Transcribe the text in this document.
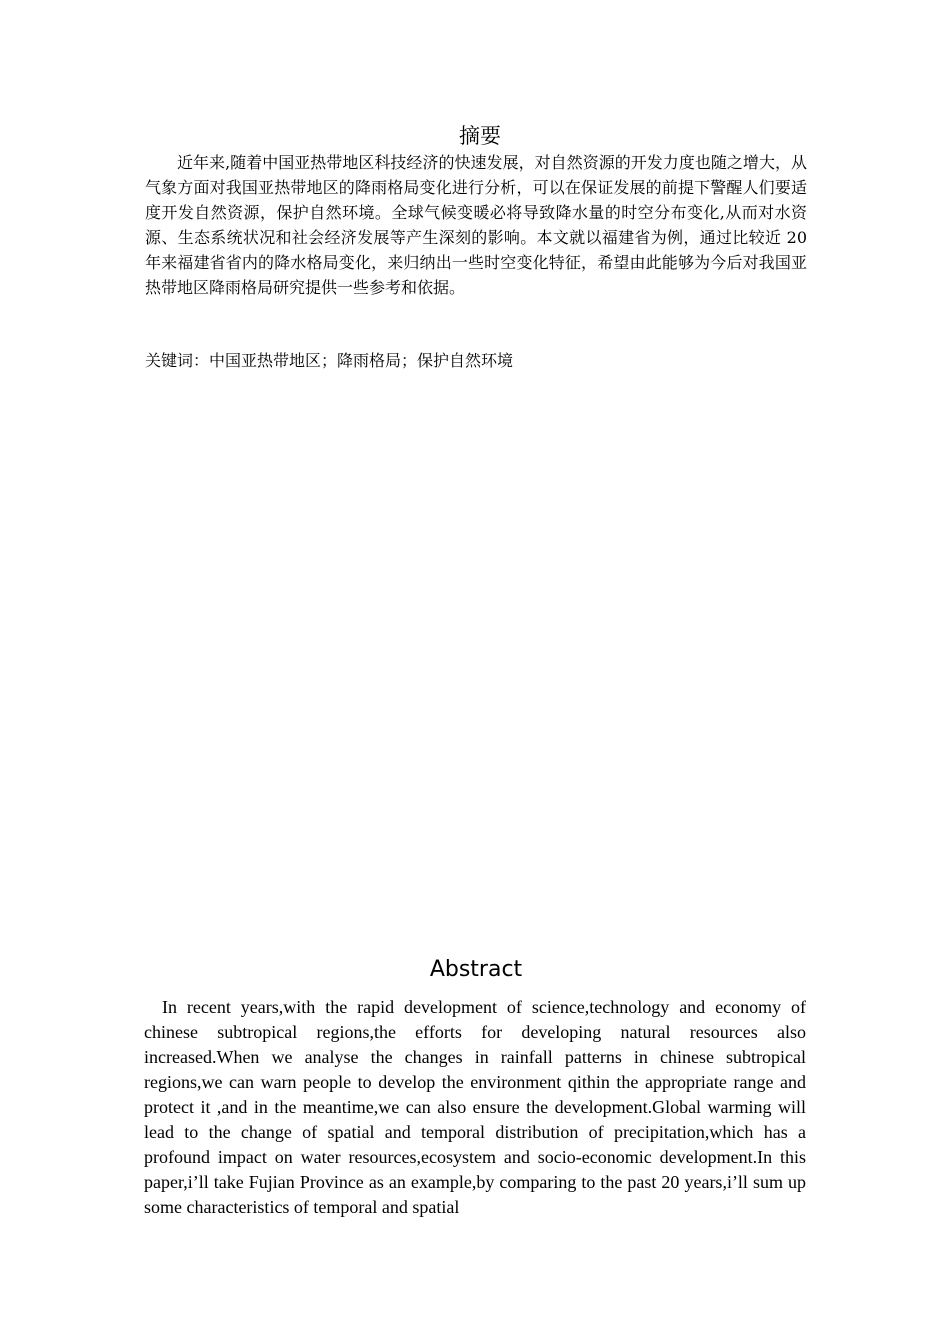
摘要

近年来,随着中国亚热带地区科技经济的快速发展，对自然资源的开发力度也随之增大，从气象方面对我国亚热带地区的降雨格局变化进行分析，可以在保证发展的前提下警醒人们要适度开发自然资源，保护自然环境。全球气候变暖必将导致降水量的时空分布变化,从而对水资源、生态系统状况和社会经济发展等产生深刻的影响。本文就以福建省为例，通过比较近 20 年来福建省省内的降水格局变化，来归纳出一些时空变化特征，希望由此能够为今后对我国亚热带地区降雨格局研究提供一些参考和依据。

关键词：中国亚热带地区；降雨格局；保护自然环境

Abstract

In recent years,with the rapid development of science,technology and economy of chinese subtropical regions,the efforts for developing natural resources also increased.When we analyse the changes in rainfall patterns in chinese subtropical regions,we can warn people to develop the environment qithin the appropriate range and protect it ,and in the meantime,we can also ensure the development.Global warming will lead to the change of spatial and temporal distribution of precipitation,which has a profound impact on water resources,ecosystem and socio-economic development.In this paper,i’ll take Fujian Province as an example,by comparing to the past 20 years,i’ll sum up some characteristics of temporal and spatial
